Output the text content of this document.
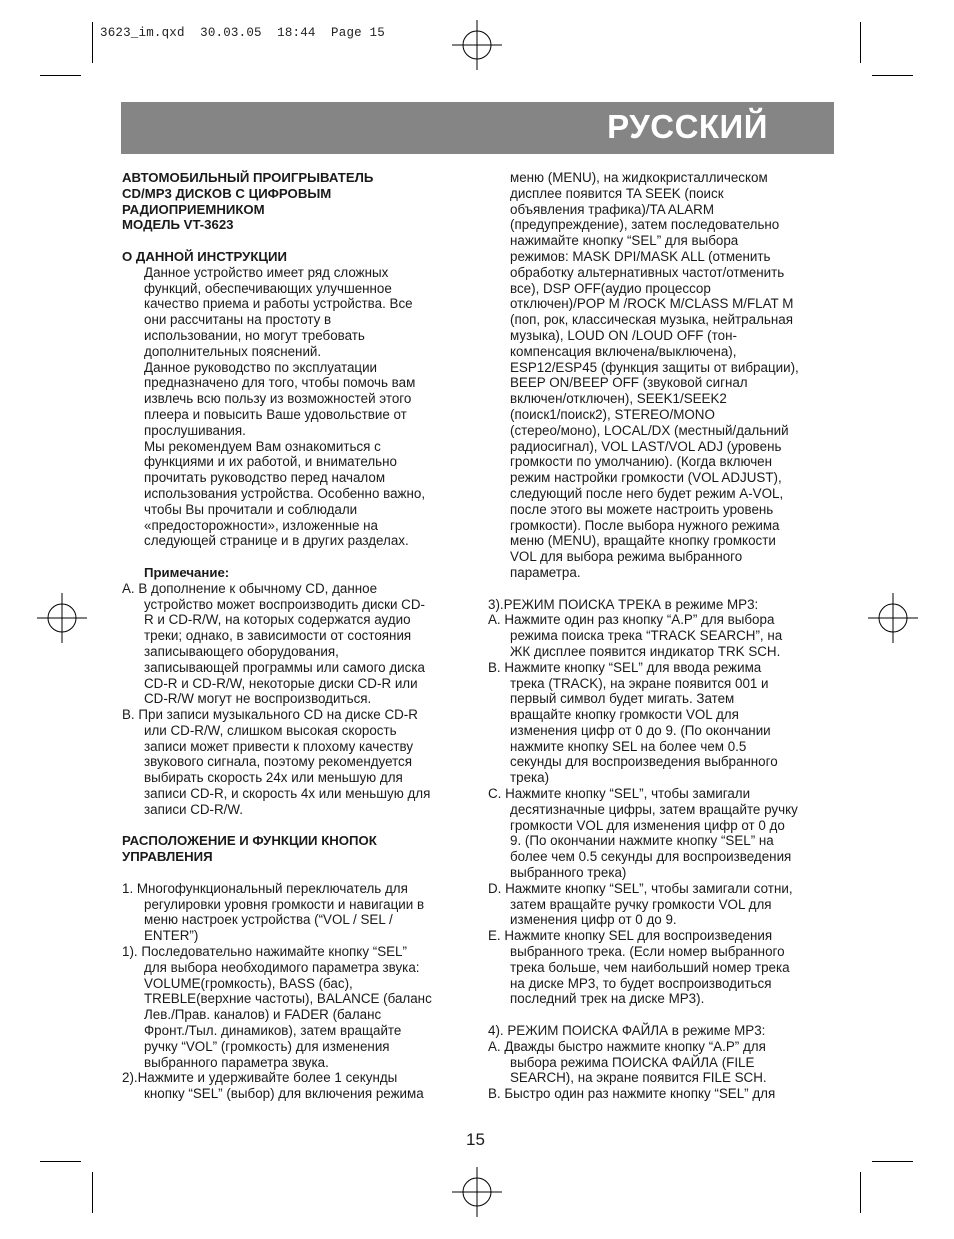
3623_im.qxd  30.03.05  18:44  Page 15
РУССКИЙ
АВТОМОБИЛЬНЫЙ ПРОИГРЫВАТЕЛЬ
CD/MP3 ДИСКОВ С ЦИФРОВЫМ
РАДИОПРИЕМНИКОМ
МОДЕЛЬ VT-3623
О ДАННОЙ ИНСТРУКЦИИ
Данное устройство имеет ряд сложных
функций, обеспечивающих улучшенное
качество приема и работы устройства. Все
они рассчитаны на простоту в
использовании, но могут требовать
дополнительных пояснений.
Данное руководство по эксплуатации
предназначено для того, чтобы помочь вам
извлечь всю пользу из возможностей этого
плеера и повысить Ваше удовольствие от
прослушивания.
Мы рекомендуем Вам ознакомиться с
функциями и их работой, и внимательно
прочитать руководство перед началом
использования устройства. Особенно важно,
чтобы Вы прочитали и соблюдали
«предосторожности», изложенные на
следующей странице и в других разделах.
Примечание:
A. В дополнение к обычному CD, данное
устройство может воспроизводить диски CD-
R и CD-R/W, на которых содержатся аудио
треки; однако, в зависимости от состояния
записывающего оборудования,
записывающей программы или самого диска
CD-R и CD-R/W, некоторые диски CD-R или
CD-R/W могут не воспроизводиться.
B. При записи музыкального CD на диске CD-R
или CD-R/W, слишком высокая скорость
записи может привести к плохому качеству
звукового сигнала, поэтому рекомендуется
выбирать скорость 24x или меньшую для
записи CD-R, и скорость 4x или меньшую для
записи CD-R/W.
РАСПОЛОЖЕНИЕ И ФУНКЦИИ КНОПОК
УПРАВЛЕНИЯ
1. Многофункциональный переключатель для
регулировки уровня громкости и навигации в
меню настроек устройства (“VOL / SEL /
ENTER”)
1). Последовательно нажимайте кнопку “SEL”
для выбора необходимого параметра звука:
VOLUME(громкость), BASS (бас),
TREBLE(верхние частоты), BALANCE (баланс
Лев./Прав. каналов) и FADER (баланс
Фронт./Тыл. динамиков), затем вращайте
ручку “VOL” (громкость) для изменения
выбранного параметра звука.
2).Нажмите и удерживайте более 1 секунды
кнопку “SEL” (выбор) для включения режима
меню (MENU), на жидкокристаллическом
дисплее появится TA SEEK (поиск
объявления трафика)/TA ALARM
(предупреждение), затем последовательно
нажимайте кнопку “SEL” для выбора
режимов: MASK DPI/MASK ALL (отменить
обработку альтернативных частот/отменить
все), DSP OFF(аудио процессор
отключен)/POP M /ROCK M/CLASS M/FLAT M
(поп, рок, классическая музыка, нейтральная
музыка), LOUD ON /LOUD OFF (тон-
компенсация включена/выключена),
ESP12/ESP45 (функция защиты от вибрации),
BEEP ON/BEEP OFF (звуковой сигнал
включен/отключен), SEEK1/SEEK2
(поиск1/поиск2), STEREO/MONO
(стерео/моно), LOCAL/DX (местный/дальний
радиосигнал), VOL LAST/VOL ADJ (уровень
громкости по умолчанию). (Когда включен
режим настройки громкости (VOL ADJUST),
следующий после него будет режим A-VOL,
после этого вы можете настроить уровень
громкости). После выбора нужного режима
меню (MENU), вращайте кнопку громкости
VOL для выбора режима выбранного
параметра.
3).РЕЖИМ ПОИСКА ТРЕКА в режиме MP3:
A. Нажмите один раз кнопку “A.P” для выбора
режима поиска трека “TRACK SEARCH”, на
ЖК дисплее появится индикатор TRK SCH.
B. Нажмите кнопку “SEL” для ввода режима
трека (TRACK), на экране появится 001 и
первый символ будет мигать. Затем
вращайте кнопку громкости VOL для
изменения цифр от 0 до 9. (По окончании
нажмите кнопку SEL на более чем 0.5
секунды для воспроизведения выбранного
трека)
C. Нажмите кнопку “SEL”, чтобы замигали
десятизначные цифры, затем вращайте ручку
громкости VOL для изменения цифр от 0 до
9. (По окончании нажмите кнопку “SEL” на
более чем 0.5 секунды для воспроизведения
выбранного трека)
D. Нажмите кнопку “SEL”, чтобы замигали сотни,
затем вращайте ручку громкости VOL для
изменения цифр от 0 до 9.
E. Нажмите кнопку SEL для воспроизведения
выбранного трека. (Если номер выбранного
трека больше, чем наибольший номер трека
на диске MP3, то будет воспроизводиться
последний трек на диске MP3).
4). РЕЖИМ ПОИСКА ФАЙЛА в режиме MP3:
A. Дважды быстро нажмите кнопку “A.P” для
выбора режима ПОИСКА ФАЙЛА (FILE
SEARCH), на экране появится FILE SCH.
B. Быстро один раз нажмите кнопку “SEL” для
15
